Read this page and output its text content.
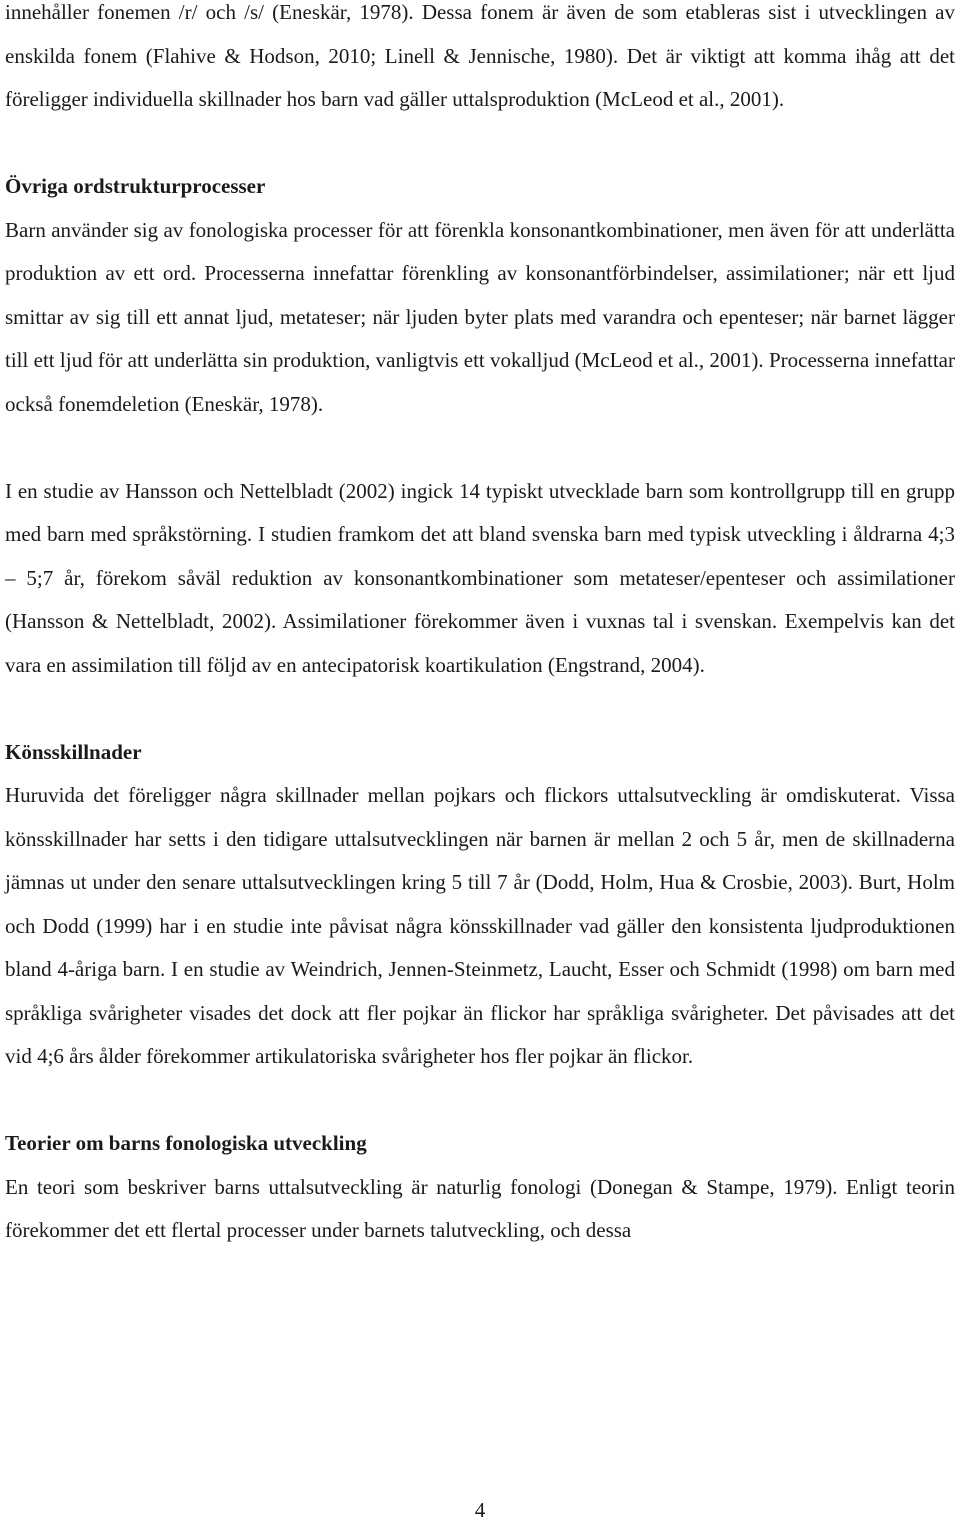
innehåller fonemen /r/ och /s/ (Eneskär, 1978). Dessa fonem är även de som etableras sist i utvecklingen av enskilda fonem (Flahive & Hodson, 2010; Linell & Jennische, 1980). Det är viktigt att komma ihåg att det föreligger individuella skillnader hos barn vad gäller uttalsproduktion (McLeod et al., 2001).

Övriga ordstrukturprocesser

Barn använder sig av fonologiska processer för att förenkla konsonantkombinationer, men även för att underlätta produktion av ett ord. Processerna innefattar förenkling av konsonantförbindelser, assimilationer; när ett ljud smittar av sig till ett annat ljud, metateser; när ljuden byter plats med varandra och epenteser; när barnet lägger till ett ljud för att underlätta sin produktion, vanligtvis ett vokalljud (McLeod et al., 2001). Processerna innefattar också fonemdeletion (Eneskär, 1978).

I en studie av Hansson och Nettelbladt (2002) ingick 14 typiskt utvecklade barn som kontrollgrupp till en grupp med barn med språkstörning. I studien framkom det att bland svenska barn med typisk utveckling i åldrarna 4;3 – 5;7 år, förekom såväl reduktion av konsonantkombinationer som metateser/epenteser och assimilationer (Hansson & Nettelbladt, 2002). Assimilationer förekommer även i vuxnas tal i svenskan. Exempelvis kan det vara en assimilation till följd av en antecipatorisk koartikulation (Engstrand, 2004).

Könsskillnader

Huruvida det föreligger några skillnader mellan pojkars och flickors uttalsutveckling är omdiskuterat. Vissa könsskillnader har setts i den tidigare uttalsutvecklingen när barnen är mellan 2 och 5 år, men de skillnaderna jämnas ut under den senare uttalsutvecklingen kring 5 till 7 år (Dodd, Holm, Hua & Crosbie, 2003). Burt, Holm och Dodd (1999) har i en studie inte påvisat några könsskillnader vad gäller den konsistenta ljudproduktionen bland 4-åriga barn. I en studie av Weindrich, Jennen-Steinmetz, Laucht, Esser och Schmidt (1998) om barn med språkliga svårigheter visades det dock att fler pojkar än flickor har språkliga svårigheter. Det påvisades att det vid 4;6 års ålder förekommer artikulatoriska svårigheter hos fler pojkar än flickor.

Teorier om barns fonologiska utveckling

En teori som beskriver barns uttalsutveckling är naturlig fonologi (Donegan & Stampe, 1979). Enligt teorin förekommer det ett flertal processer under barnets talutveckling, och dessa

4
